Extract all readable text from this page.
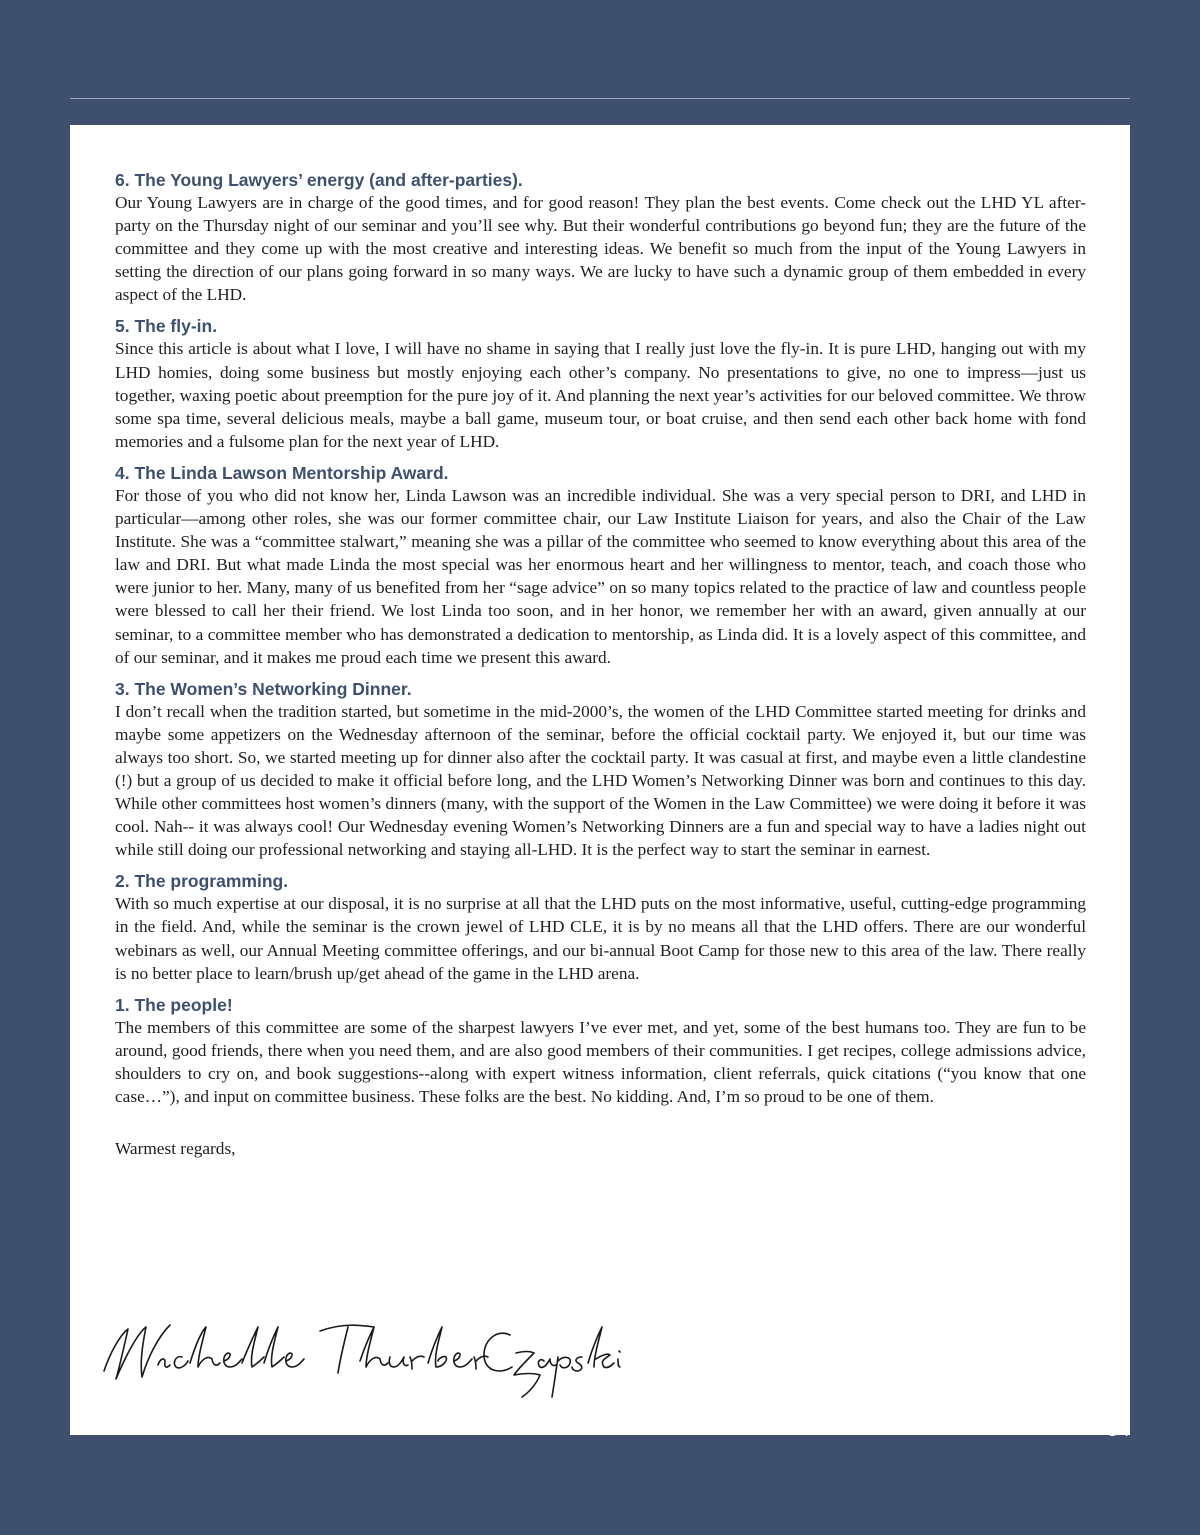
6. The Young Lawyers’ energy (and after-parties).

Our Young Lawyers are in charge of the good times, and for good reason! They plan the best events. Come check out the LHD YL after-party on the Thursday night of our seminar and you’ll see why. But their wonderful contributions go beyond fun; they are the future of the committee and they come up with the most creative and interesting ideas. We benefit so much from the input of the Young Lawyers in setting the direction of our plans going forward in so many ways. We are lucky to have such a dynamic group of them embedded in every aspect of the LHD.

5. The fly-in.

Since this article is about what I love, I will have no shame in saying that I really just love the fly-in. It is pure LHD, hanging out with my LHD homies, doing some business but mostly enjoying each other’s company. No presentations to give, no one to impress—just us together, waxing poetic about preemption for the pure joy of it. And planning the next year’s activities for our beloved committee. We throw some spa time, several delicious meals, maybe a ball game, museum tour, or boat cruise, and then send each other back home with fond memories and a fulsome plan for the next year of LHD.

4. The Linda Lawson Mentorship Award.

For those of you who did not know her, Linda Lawson was an incredible individual. She was a very special person to DRI, and LHD in particular—among other roles, she was our former committee chair, our Law Institute Liaison for years, and also the Chair of the Law Institute. She was a “committee stalwart,” meaning she was a pillar of the committee who seemed to know everything about this area of the law and DRI. But what made Linda the most special was her enormous heart and her willingness to mentor, teach, and coach those who were junior to her. Many, many of us benefited from her “sage advice” on so many topics related to the practice of law and countless people were blessed to call her their friend. We lost Linda too soon, and in her honor, we remember her with an award, given annually at our seminar, to a committee member who has demonstrated a dedication to mentorship, as Linda did. It is a lovely aspect of this committee, and of our seminar, and it makes me proud each time we present this award.

3. The Women’s Networking Dinner.

I don’t recall when the tradition started, but sometime in the mid-2000’s, the women of the LHD Committee started meeting for drinks and maybe some appetizers on the Wednesday afternoon of the seminar, before the official cocktail party. We enjoyed it, but our time was always too short. So, we started meeting up for dinner also after the cocktail party. It was casual at first, and maybe even a little clandestine (!) but a group of us decided to make it official before long, and the LHD Women’s Networking Dinner was born and continues to this day. While other committees host women’s dinners (many, with the support of the Women in the Law Committee) we were doing it before it was cool. Nah-- it was always cool! Our Wednesday evening Women’s Networking Dinners are a fun and special way to have a ladies night out while still doing our professional networking and staying all-LHD. It is the perfect way to start the seminar in earnest.

2. The programming.

With so much expertise at our disposal, it is no surprise at all that the LHD puts on the most informative, useful, cutting-edge programming in the field. And, while the seminar is the crown jewel of LHD CLE, it is by no means all that the LHD offers. There are our wonderful webinars as well, our Annual Meeting committee offerings, and our bi-annual Boot Camp for those new to this area of the law. There really is no better place to learn/brush up/get ahead of the game in the LHD arena.

1. The people!

The members of this committee are some of the sharpest lawyers I’ve ever met, and yet, some of the best humans too. They are fun to be around, good friends, there when you need them, and are also good members of their communities. I get recipes, college admissions advice, shoulders to cry on, and book suggestions--along with expert witness information, client referrals, quick citations (“you know that one case…”), and input on committee business. These folks are the best. No kidding. And, I’m so proud to be one of them.

Warmest regards,

For The Defense ▪ March 2024 ▪ 34
